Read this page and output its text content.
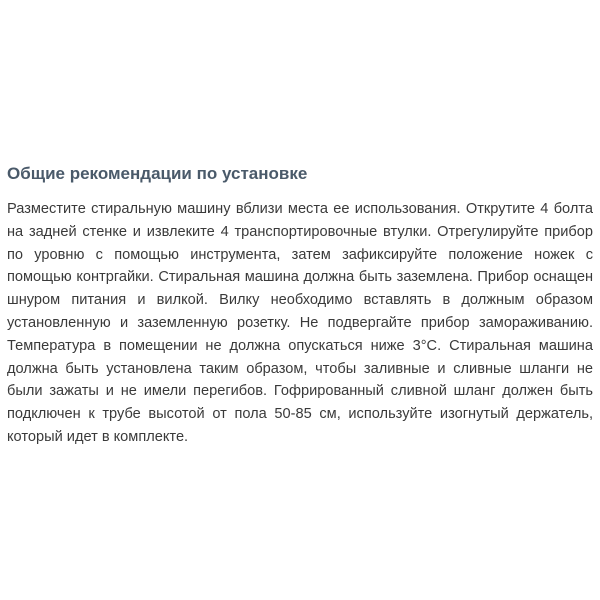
Общие рекомендации по установке

Разместите стиральную машину вблизи места ее использования. Открутите 4 болта на задней стенке и извлеките 4 транспортировочные втулки. Отрегулируйте прибор по уровню с помощью инструмента, затем зафиксируйте положение ножек с помощью контргайки. Стиральная машина должна быть заземлена. Прибор оснащен шнуром питания и вилкой. Вилку необходимо вставлять в должным образом установленную и заземленную розетку. Не подвергайте прибор замораживанию. Температура в помещении не должна опускаться ниже 3°С. Стиральная машина должна быть установлена таким образом, чтобы заливные и сливные шланги не были зажаты и не имели перегибов. Гофрированный сливной шланг должен быть подключен к трубе высотой от пола 50-85 см, используйте изогнутый держатель, который идет в комплекте.
